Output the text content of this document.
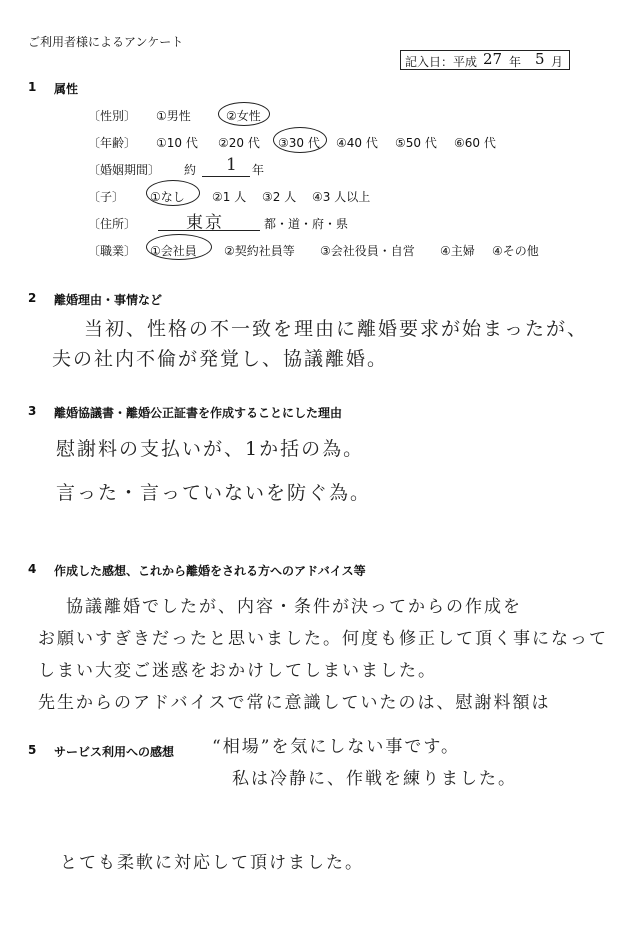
ご利用者様によるアンケート
記入日：平成 27 年 5 月
1 属性
〔性別〕 ①男性	②女性
〔年齢〕 ①10 代 ②20 代 ③30 代 ④40 代 ⑤50 代 ⑥60 代
〔婚姻期間〕 約 1 年
〔子〕 ①なし ②1 人 ③2 人 ④3 人以上
〔住所〕	東京	都・道・府・県
〔職業〕 ①会社員 ②契約社員等 ③会社役員・自営 ④主婦 ④その他
2 離婚理由・事情など
当初、性格の不一致を理由に離婚要求が始まったが、
夫の社内不倫が発覚し、協議離婚。
3 離婚協議書・離婚公正証書を作成することにした理由
慰謝料の支払いが、1か括の為。
言った・言っていないを防ぐ為。
4 作成した感想、これから離婚をされる方へのアドバイス等
協議離婚でしたが、内容・条件が決ってからの作成を
お願いすぎきだったと思いました。何度も修正して頂く事になって
しまい大変ご迷惑をおかけしてしまいました。
先生からのアドバイスで常に意識していたのは、慰謝料額は
“相場”を気にしない事です。
私は冷静に、作戦を練りました。
5 サービス利用への感想
とても柔軟に対応して頂けました。
